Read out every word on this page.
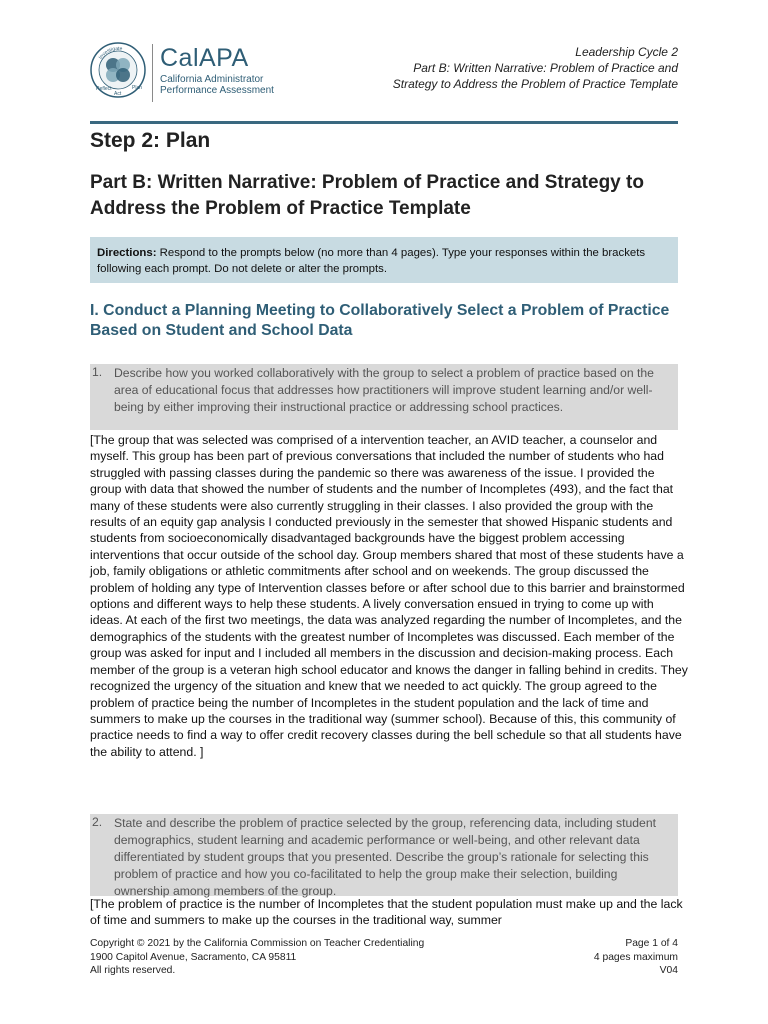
Investigate
Reflect	Plan
Act
CalAPA
California Administrator Performance Assessment
Leadership Cycle 2
Part B: Written Narrative: Problem of Practice and
Strategy to Address the Problem of Practice Template
Step 2: Plan
Part B: Written Narrative: Problem of Practice and Strategy to Address the Problem of Practice Template
Directions: Respond to the prompts below (no more than 4 pages). Type your responses within the brackets following each prompt. Do not delete or alter the prompts.
I. Conduct a Planning Meeting to Collaboratively Select a Problem of Practice Based on Student and School Data
1. Describe how you worked collaboratively with the group to select a problem of practice based on the area of educational focus that addresses how practitioners will improve student learning and/or well-being by either improving their instructional practice or addressing school practices.
[The group that was selected was comprised of a intervention teacher, an AVID teacher, a counselor and myself. This group has been part of previous conversations that included the number of students who had struggled with passing classes during the pandemic so there was awareness of the issue. I provided the group with data that showed the number of students and the number of Incompletes (493), and the fact that many of these students were also currently struggling in their classes. I also provided the group with the results of an equity gap analysis I conducted previously in the semester that showed Hispanic students and students from socioeconomically disadvantaged backgrounds have the biggest problem accessing interventions that occur outside of the school day. Group members shared that most of these students have a job, family obligations or athletic commitments after school and on weekends. The group discussed the problem of holding any type of Intervention classes before or after school due to this barrier and brainstormed options and different ways to help these students. A lively conversation ensued in trying to come up with ideas. At each of the first two meetings, the data was analyzed regarding the number of Incompletes, and the demographics of the students with the greatest number of Incompletes was discussed. Each member of the group was asked for input and I included all members in the discussion and decision-making process. Each member of the group is a veteran high school educator and knows the danger in falling behind in credits. They recognized the urgency of the situation and knew that we needed to act quickly. The group agreed to the problem of practice being the number of Incompletes in the student population and the lack of time and summers to make up the courses in the traditional way (summer school). Because of this, this community of practice needs to find a way to offer credit recovery classes during the bell schedule so that all students have the ability to attend. ]
2. State and describe the problem of practice selected by the group, referencing data, including student demographics, student learning and academic performance or well-being, and other relevant data differentiated by student groups that you presented. Describe the group’s rationale for selecting this problem of practice and how you co-facilitated to help the group make their selection, building ownership among members of the group.
[The problem of practice is the number of Incompletes that the student population must make up and the lack of time and summers to make up the courses in the traditional way, summer
Copyright © 2021 by the California Commission on Teacher Credentialing
1900 Capitol Avenue, Sacramento, CA 95811
All rights reserved.
Page 1 of 4
4 pages maximum
V04
